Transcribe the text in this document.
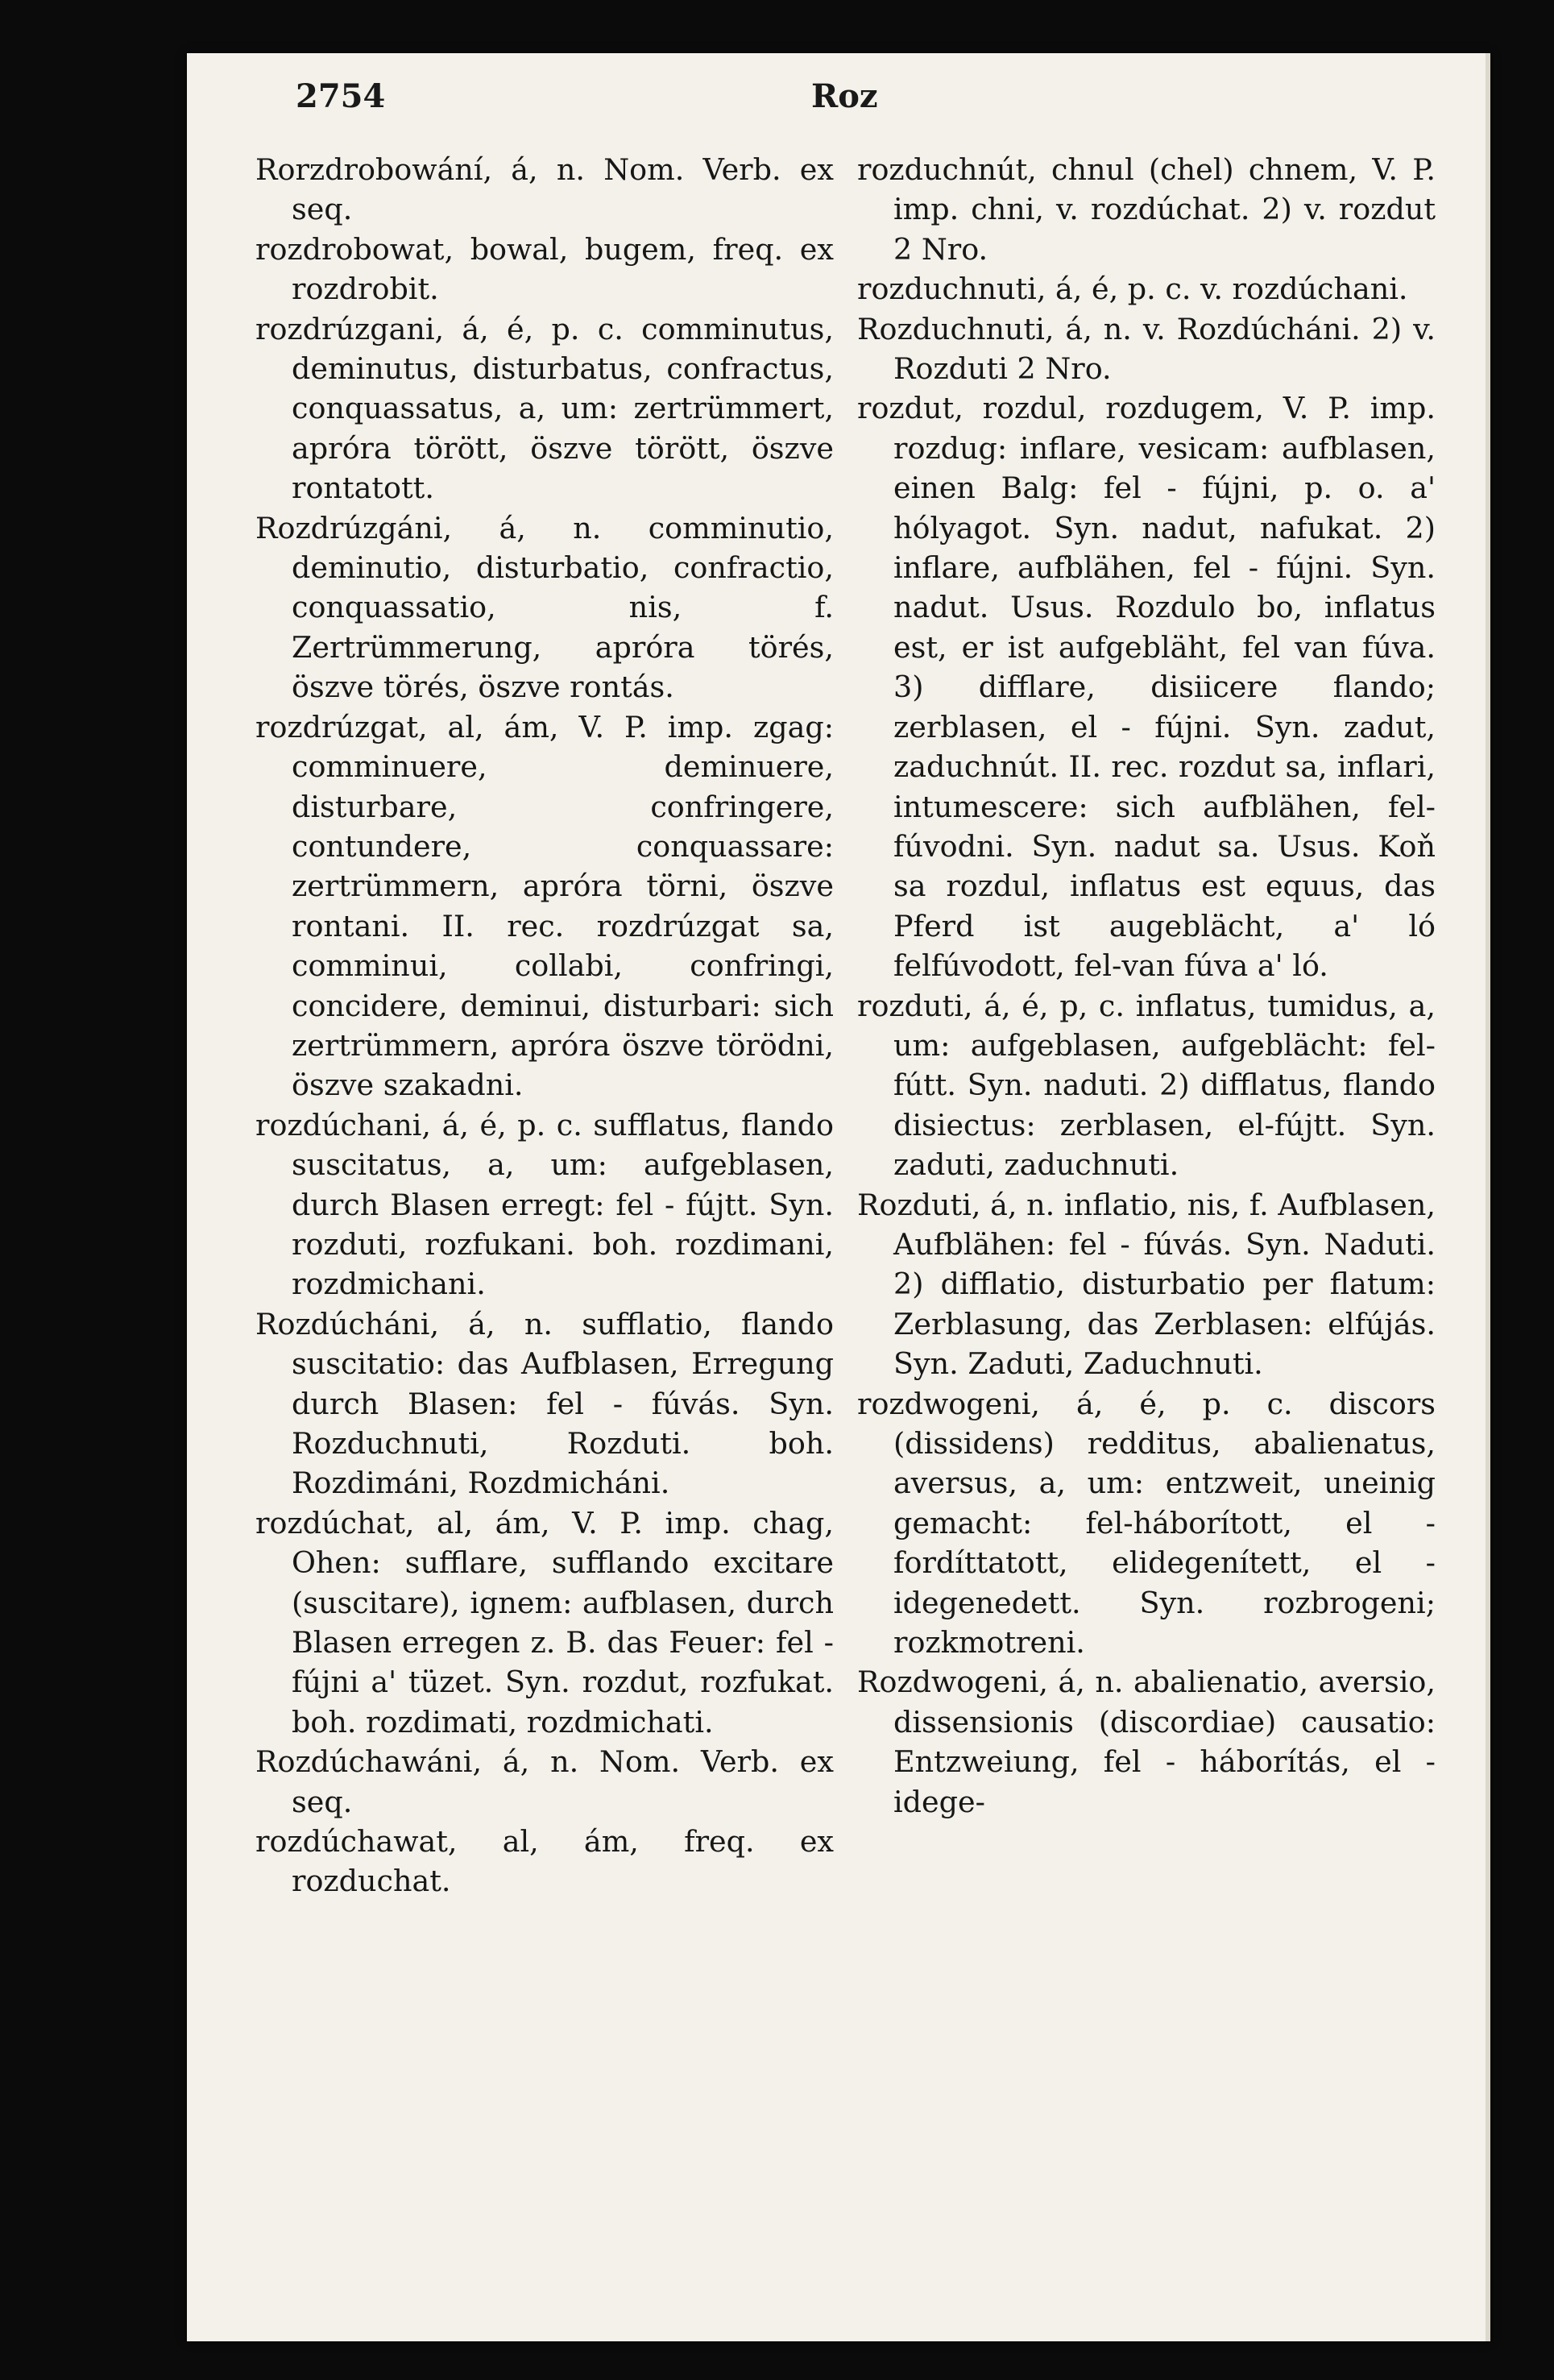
2754	Roz

Rorzdrobowání, á, n. Nom. Verb. ex seq.

rozdrobowat, bowal, bugem, freq. ex rozdrobit.

rozdrúzgani, á, é, p. c. comminutus, deminutus, disturbatus, confractus, conquassatus, a, um: zertrümmert, apróra törött, öszve törött, öszve rontatott.

Rozdrúzgáni, á, n. comminutio, deminutio, disturbatio, confractio, conquassatio, nis, f. Zertrümmerung, apróra törés, öszve törés, öszve rontás.

rozdrúzgat, al, ám, V. P. imp. zgag: comminuere, deminuere, disturbare, confringere, contundere, conquassare: zertrümmern, apróra törni, öszve rontani. II. rec. rozdrúzgat sa, comminui, collabi, confringi, concidere, deminui, disturbari: sich zertrümmern, apróra öszve törödni, öszve szakadni.

rozdúchani, á, é, p. c. sufflatus, flando suscitatus, a, um: aufgeblasen, durch Blasen erregt: fel - fújtt. Syn. rozduti, rozfukani. boh. rozdimani, rozdmichani.

Rozdúcháni, á, n. sufflatio, flando suscitatio: das Aufblasen, Erregung durch Blasen: fel - fúvás. Syn. Rozduchnuti, Rozduti. boh. Rozdimáni, Rozdmicháni.

rozdúchat, al, ám, V. P. imp. chag, Ohen: sufflare, sufflando excitare (suscitare), ignem: aufblasen, durch Blasen erregen z. B. das Feuer: fel - fújni a' tüzet. Syn. rozdut, rozfukat. boh. rozdimati, rozdmichati.

Rozdúchawáni, á, n. Nom. Verb. ex seq.

rozdúchawat, al, ám, freq. ex rozduchat.

rozduchnút, chnul (chel) chnem, V. P. imp. chni, v. rozdúchat. 2) v. rozdut 2 Nro.

rozduchnuti, á, é, p. c. v. rozdúchani.

Rozduchnuti, á, n. v. Rozdúcháni. 2) v. Rozduti 2 Nro.

rozdut, rozdul, rozdugem, V. P. imp. rozdug: inflare, vesicam: aufblasen, einen Balg: fel - fújni, p. o. a' hólyagot. Syn. nadut, nafukat. 2) inflare, aufblähen, fel - fújni. Syn. nadut. Usus. Rozdulo bo, inflatus est, er ist aufgebläht, fel van fúva. 3) difflare, disiicere flando; zerblasen, el - fújni. Syn. zadut, zaduchnút. II. rec. rozdut sa, inflari, intumescere: sich aufblähen, fel-fúvodni. Syn. nadut sa. Usus. Koň sa rozdul, inflatus est equus, das Pferd ist augeblächt, a' ló felfúvodott, fel-van fúva a' ló.

rozduti, á, é, p, c. inflatus, tumidus, a, um: aufgeblasen, aufgeblächt: fel-fútt. Syn. naduti. 2) difflatus, flando disiectus: zerblasen, el-fújtt. Syn. zaduti, zaduchnuti.

Rozduti, á, n. inflatio, nis, f. Aufblasen, Aufblähen: fel - fúvás. Syn. Naduti. 2) difflatio, disturbatio per flatum: Zerblasung, das Zerblasen: elfújás. Syn. Zaduti, Zaduchnuti.

rozdwogeni, á, é, p. c. discors (dissidens) redditus, abalienatus, aversus, a, um: entzweit, uneinig gemacht: fel-háborított, el - fordíttatott, elidegenített, el - idegenedett. Syn. rozbrogeni; rozkmotreni.

Rozdwogeni, á, n. abalienatio, aversio, dissensionis (discordiae) causatio: Entzweiung, fel - háborítás, el - idege-
